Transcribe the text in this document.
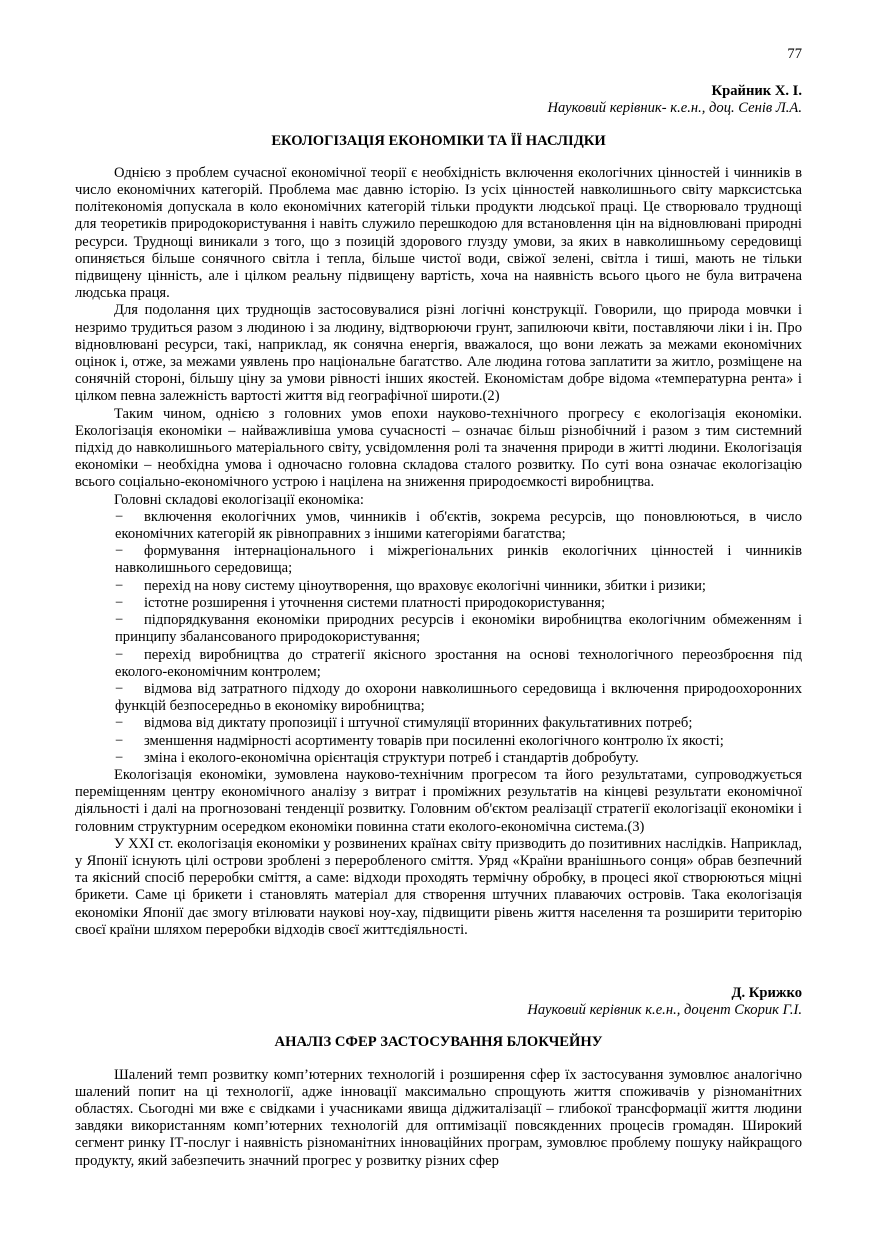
77

Крайник Х. І.

Науковий керівник- к.е.н., доц. Сенів Л.А.

ЕКОЛОГІЗАЦІЯ ЕКОНОМІКИ ТА ЇЇ НАСЛІДКИ

Однією з проблем сучасної економічної теорії є необхідність включення екологічних цінностей і чинників в число економічних категорій. Проблема має давню історію. Із усіх цінностей навколишнього світу марксистська політекономія допускала в коло економічних категорій тільки продукти людської праці. Це створювало труднощі для теоретиків природокористування і навіть служило перешкодою для встановлення цін на відновлювані природні ресурси. Труднощі виникали з того, що з позицій здорового глузду умови, за яких в навколишньому середовищі опиняється більше сонячного світла і тепла, більше чистої води, свіжої зелені, світла і тиші, мають не тільки підвищену цінність, але і цілком реальну підвищену вартість, хоча на наявність всього цього не була витрачена людська праця.

Для подолання цих труднощів застосовувалися різні логічні конструкції. Говорили, що природа мовчки і незримо трудиться разом з людиною і за людину, відтворюючи грунт, запилюючи квіти, поставляючи ліки і ін. Про відновлювані ресурси, такі, наприклад, як сонячна енергія, вважалося, що вони лежать за межами економічних оцінок і, отже, за межами уявлень про національне багатство. Але людина готова заплатити за житло, розміщене на сонячній стороні, більшу ціну за умови рівності інших якостей. Економістам добре відома «температурна рента» і цілком певна залежність вартості життя від географічної широти.(2)

Таким чином, однією з головних умов епохи науково-технічного прогресу є екологізація економіки. Екологізація економіки – найважливіша умова сучасності – означає більш різнобічний і разом з тим системний підхід до навколишнього матеріального світу, усвідомлення ролі та значення природи в житті людини. Екологізація економіки – необхідна умова і одночасно головна складова сталого розвитку. По суті вона означає екологізацію всього соціально-економічного устрою і націлена на зниження природоємкості виробництва.

Головні складові екологізації економіка:

− включення екологічних умов, чинників і об'єктів, зокрема ресурсів, що поновлюються, в число економічних категорій як рівноправних з іншими категоріями багатства;
− формування інтернаціонального і міжрегіональних ринків екологічних цінностей і чинників навколишнього середовища;
− перехід на нову систему ціноутворення, що враховує екологічні чинники, збитки і ризики;
− істотне розширення і уточнення системи платності природокористування;
− підпорядкування економіки природних ресурсів і економіки виробництва екологічним обмеженням і принципу збалансованого природокористування;
− перехід виробництва до стратегії якісного зростання на основі технологічного переозброєння під еколого-економічним контролем;
− відмова від затратного підходу до охорони навколишнього середовища і включення природоохоронних функцій безпосередньо в економіку виробництва;
− відмова від диктату пропозиції і штучної стимуляції вторинних факультативних потреб;
− зменшення надмірності асортименту товарів при посиленні екологічного контролю їх якості;
− зміна і еколого-економічна орієнтація структури потреб і стандартів добробуту.

Екологізація економіки, зумовлена науково-технічним прогресом та його результатами, супроводжується переміщенням центру економічного аналізу з витрат і проміжних результатів на кінцеві результати економічної діяльності і далі на прогнозовані тенденції розвитку. Головним об'єктом реалізації стратегії екологізації економіки і головним структурним осередком економіки повинна стати еколого-економічна система.(3)

У XXI ст. екологізація економіки у розвинених країнах світу призводить до позитивних наслідків. Наприклад, у Японії існують цілі острови зроблені з переробленого сміття. Уряд «Країни вранішнього сонця» обрав безпечний та якісний спосіб переробки сміття, а саме: відходи проходять термічну обробку, в процесі якої створюються міцні брикети. Саме ці брикети і становлять матеріал для створення штучних плаваючих островів. Така екологізація економіки Японії дає змогу втілювати наукові ноу-хау, підвищити рівень життя населення та розширити територію своєї країни шляхом переробки відходів своєї життєдіяльності.

Д. Крижко

Науковий керівник к.е.н., доцент Скорик Г.І.

АНАЛІЗ СФЕР ЗАСТОСУВАННЯ БЛОКЧЕЙНУ

Шалений темп розвитку комп’ютерних технологій і розширення сфер їх застосування зумовлює аналогічно шалений попит на ці технології, адже інновації максимально спрощують життя споживачів у різноманітних областях. Сьогодні ми вже є свідками і учасниками явища діджиталізації – глибокої трансформації життя людини завдяки використанням комп’ютерних технологій для оптимізації повсякденних процесів громадян. Широкий сегмент ринку ІТ-послуг і наявність різноманітних інноваційних програм, зумовлює проблему пошуку найкращого продукту, який забезпечить значний прогрес у розвитку різних сфер
